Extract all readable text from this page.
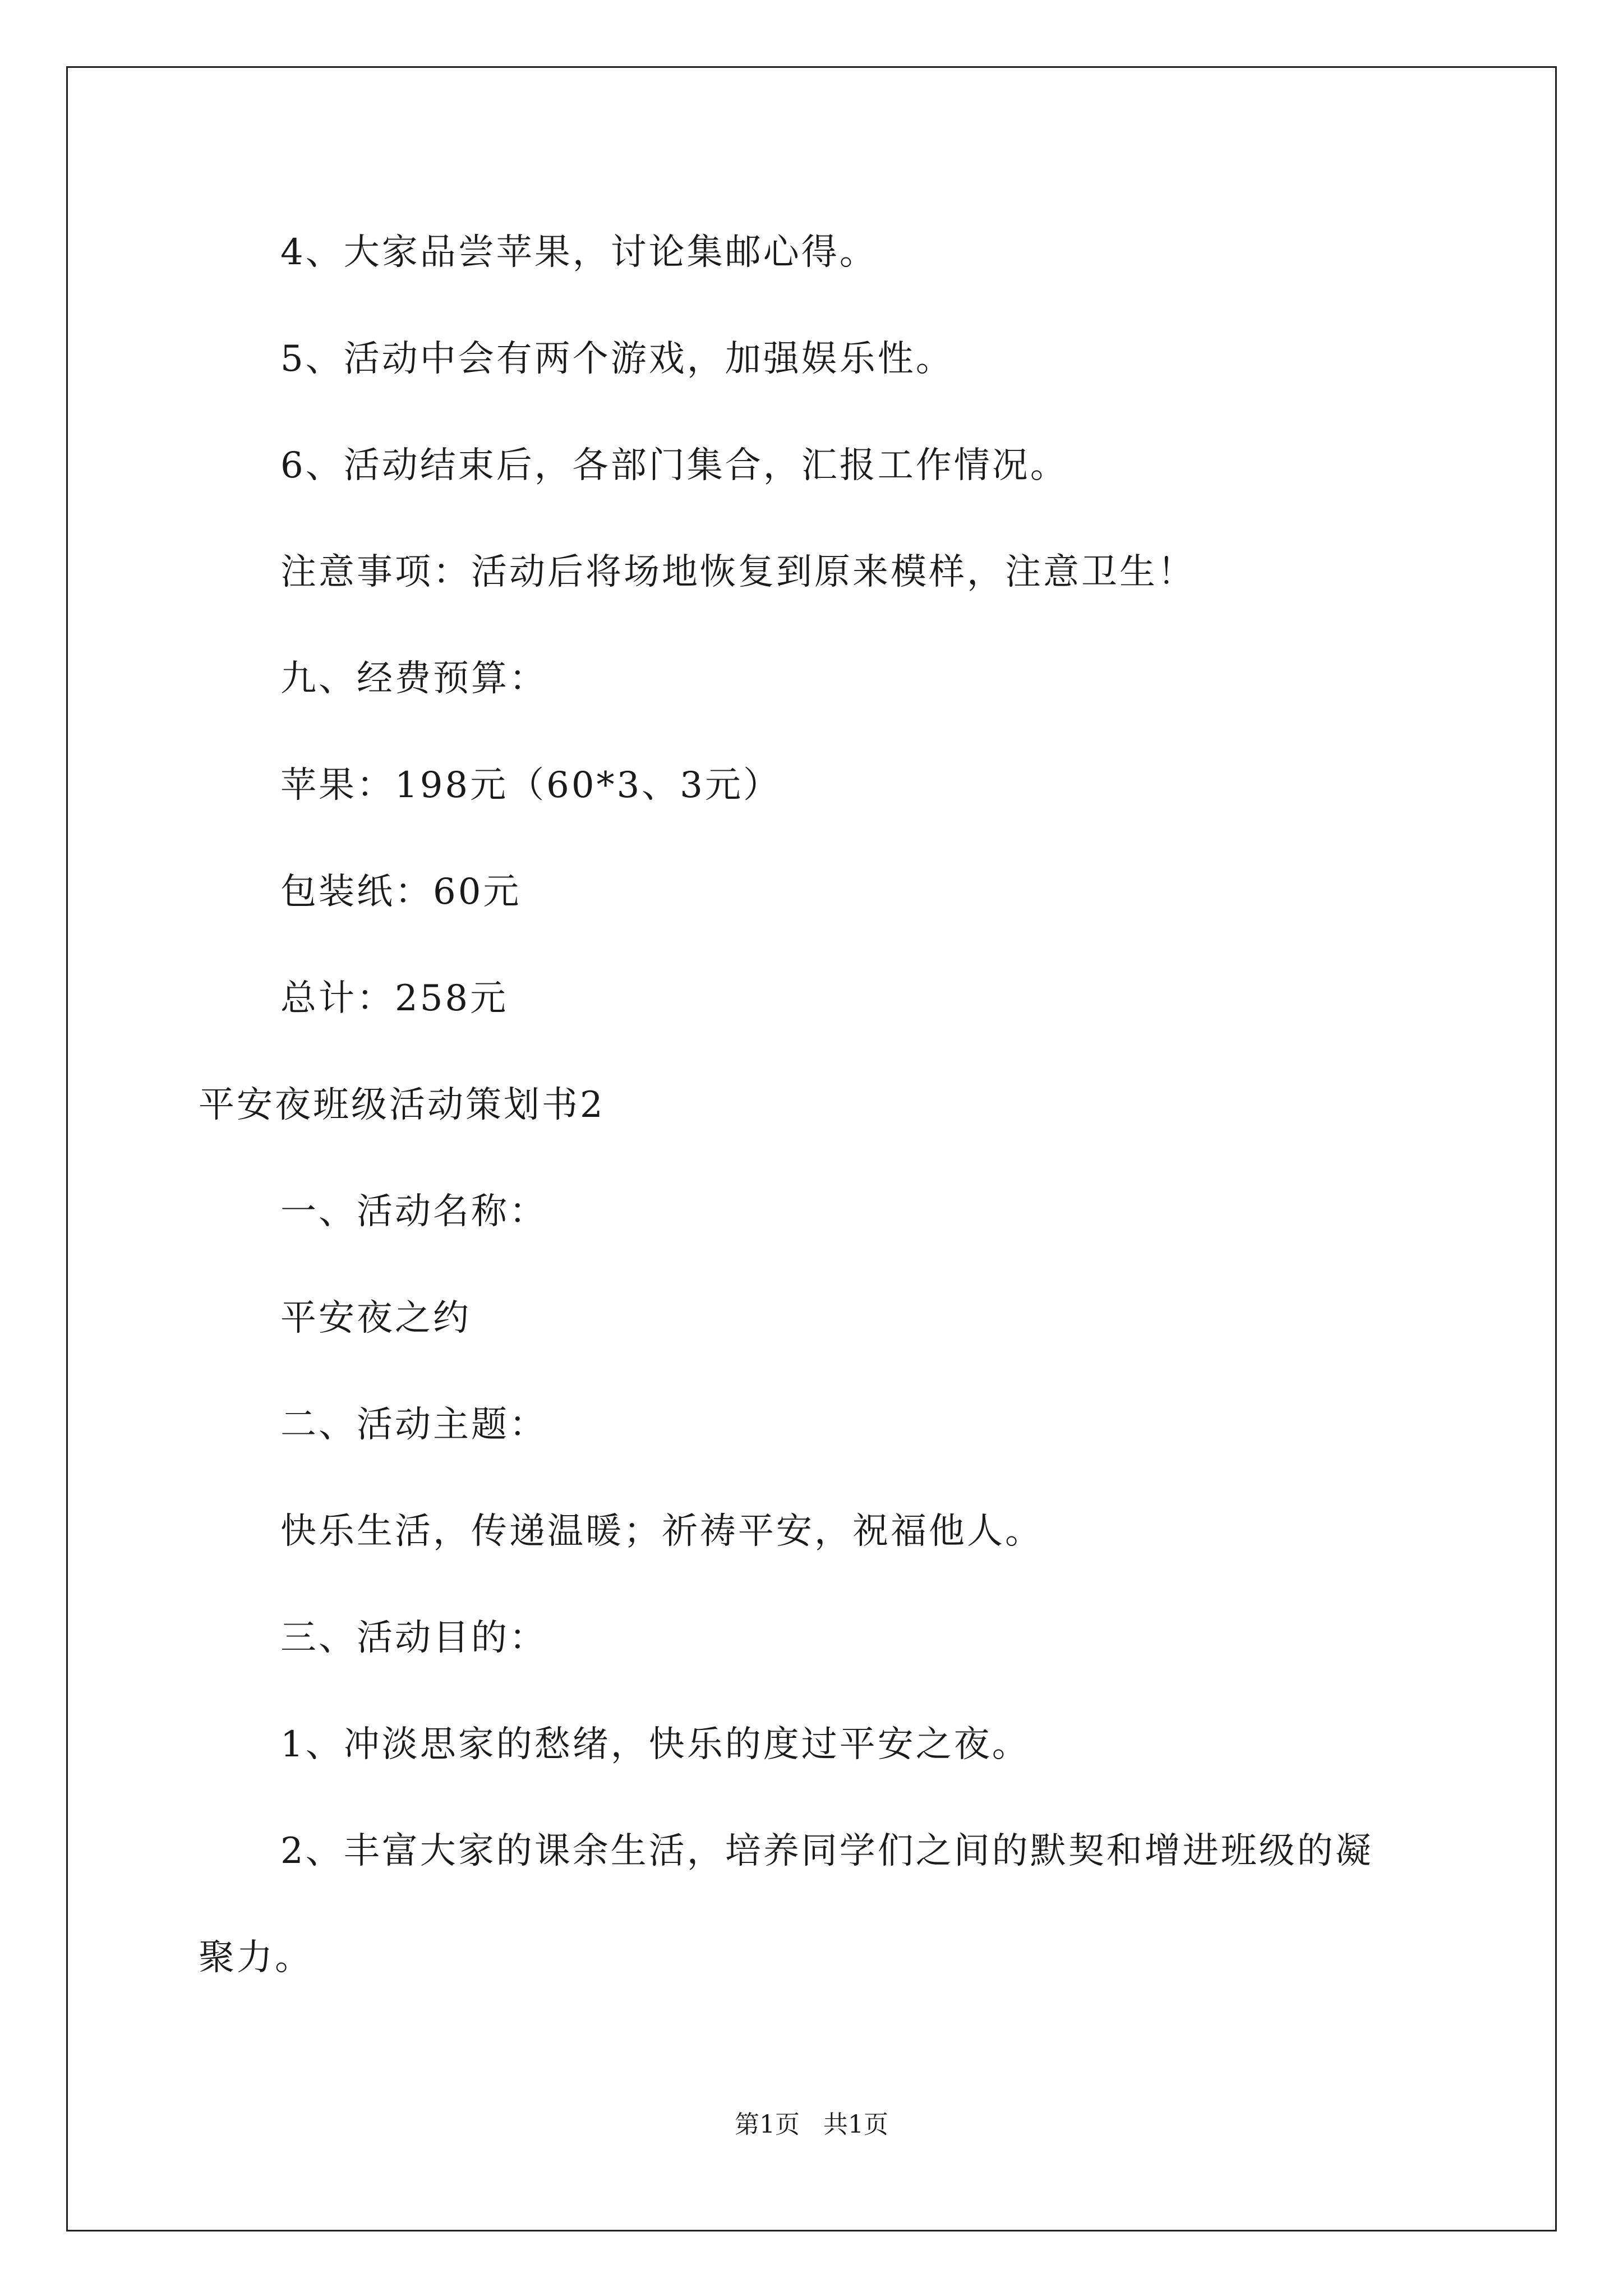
4、大家品尝苹果，讨论集邮心得。
5、活动中会有两个游戏，加强娱乐性。
6、活动结束后，各部门集合，汇报工作情况。
注意事项：活动后将场地恢复到原来模样，注意卫生！
九、经费预算：
苹果：198元（60*3、3元）
包装纸：60元
总计：258元
平安夜班级活动策划书2
一、活动名称：
平安夜之约
二、活动主题：
快乐生活，传递温暖；祈祷平安，祝福他人。
三、活动目的：
1、冲淡思家的愁绪，快乐的度过平安之夜。
2、丰富大家的课余生活，培养同学们之间的默契和增进班级的凝
聚力。
第1页   共1页
